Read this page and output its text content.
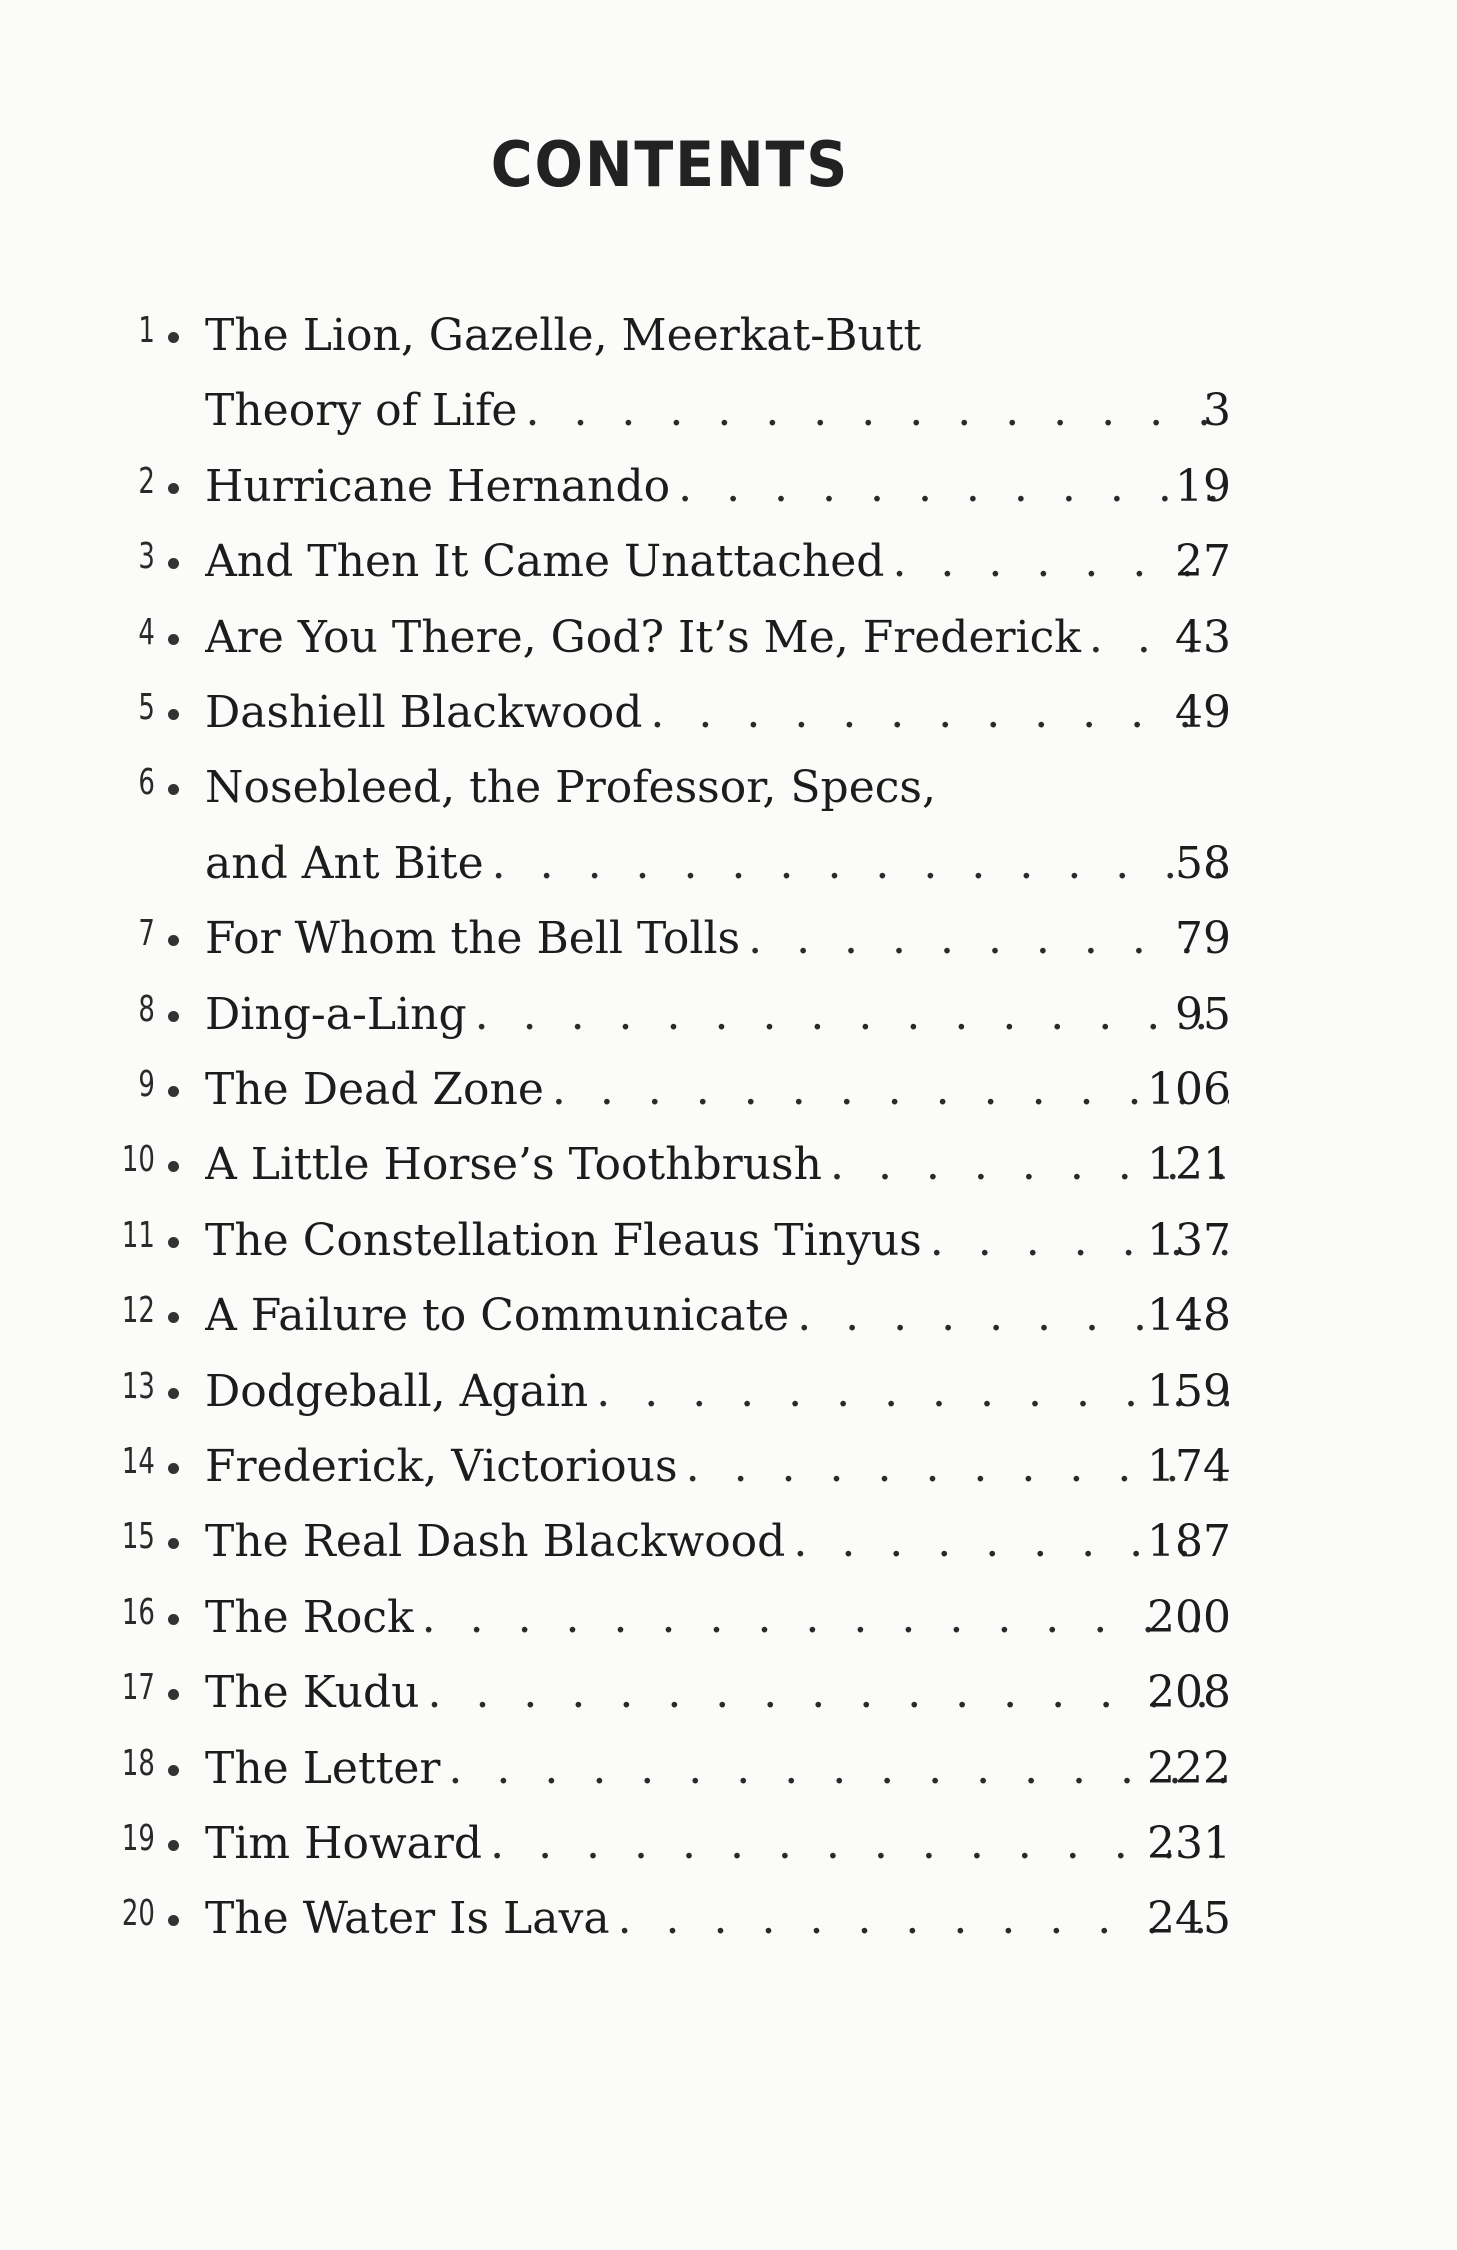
CONTENTS
1 The Lion, Gazelle, Meerkat-Butt
Theory of Life . . .	3
2 Hurricane Hernando . . .	19
3 And Then It Came Unattached . . .	27
4 Are You There, God? It’s Me, Frederick . . .	43
5 Dashiell Blackwood . . .	49
6 Nosebleed, the Professor, Specs,
and Ant Bite . . .	58
7 For Whom the Bell Tolls . . .	79
8 Ding-a-Ling . . .	95
9 The Dead Zone . . .	106
10 A Little Horse’s Toothbrush . . .	121
11 The Constellation Fleaus Tinyus . . .	137
12 A Failure to Communicate . . .	148
13 Dodgeball, Again . . .	159
14 Frederick, Victorious . . .	174
15 The Real Dash Blackwood . . .	187
16 The Rock . . .	200
17 The Kudu . . .	208
18 The Letter . . .	222
19 Tim Howard . . .	231
20 The Water Is Lava . . .	245
